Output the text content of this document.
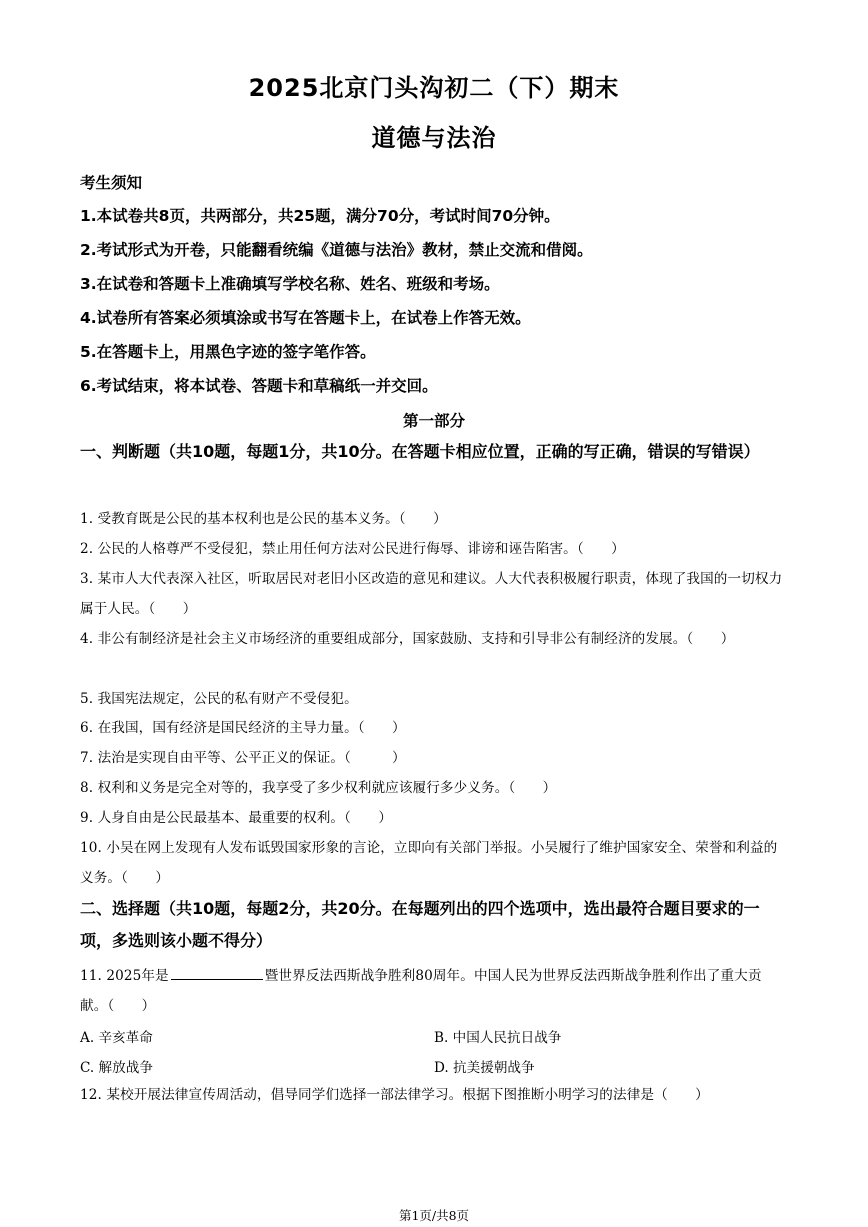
2025北京门头沟初二（下）期末
道德与法治
考生须知
1.本试卷共8页，共两部分，共25题，满分70分，考试时间70分钟。
2.考试形式为开卷，只能翻看统编《道德与法治》教材，禁止交流和借阅。
3.在试卷和答题卡上准确填写学校名称、姓名、班级和考场。
4.试卷所有答案必须填涂或书写在答题卡上，在试卷上作答无效。
5.在答题卡上，用黑色字迹的签字笔作答。
6.考试结束，将本试卷、答题卡和草稿纸一并交回。
第一部分
一、判断题（共10题，每题1分，共10分。在答题卡相应位置，正确的写正确，错误的写错误）
1. 受教育既是公民的基本权利也是公民的基本义务。（　　）
2. 公民的人格尊严不受侵犯，禁止用任何方法对公民进行侮辱、诽谤和诬告陷害。（　　）
3. 某市人大代表深入社区，听取居民对老旧小区改造的意见和建议。人大代表积极履行职责，体现了我国的一切权力属于人民。（　　）
4. 非公有制经济是社会主义市场经济的重要组成部分，国家鼓励、支持和引导非公有制经济的发展。（　　）
5. 我国宪法规定，公民的私有财产不受侵犯。
6. 在我国，国有经济是国民经济的主导力量。（　　）
7. 法治是实现自由平等、公平正义的保证。（　　　）
8. 权利和义务是完全对等的，我享受了多少权利就应该履行多少义务。（　　）
9. 人身自由是公民最基本、最重要的权利。（　　）
10. 小吴在网上发现有人发布诋毁国家形象的言论，立即向有关部门举报。小吴履行了维护国家安全、荣誉和利益的义务。（　　）
二、选择题（共10题，每题2分，共20分。在每题列出的四个选项中，选出最符合题目要求的一项，多选则该小题不得分）
11. 2025年是	暨世界反法西斯战争胜利80周年。中国人民为世界反法西斯战争胜利作出了重大贡献。（　　）
A. 辛亥革命	B. 中国人民抗日战争
C. 解放战争	D. 抗美援朝战争
12. 某校开展法律宣传周活动，倡导同学们选择一部法律学习。根据下图推断小明学习的法律是（　　）
第1页/共8页
